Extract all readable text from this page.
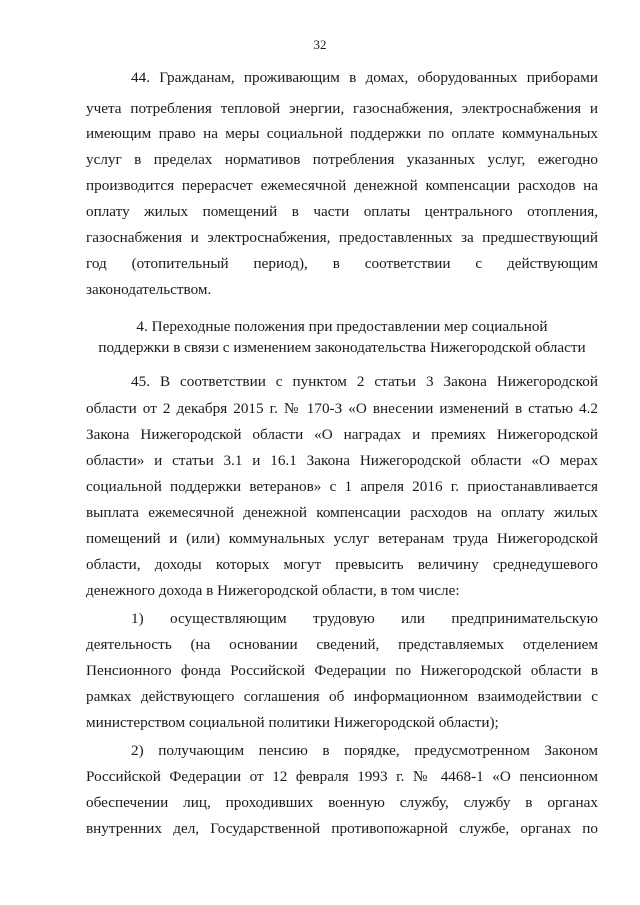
32
44. Гражданам, проживающим в домах, оборудованных приборами
учета потребления тепловой энергии, газоснабжения, электроснабжения и
имеющим право на меры социальной поддержки по оплате коммунальных
услуг в пределах нормативов потребления указанных услуг, ежегодно
производится перерасчет ежемесячной денежной компенсации расходов на
оплату жилых помещений в части оплаты центрального отопления,
газоснабжения и электроснабжения, предоставленных за предшествующий
год (отопительный период), в соответствии с действующим
законодательством.
4. Переходные положения при предоставлении мер социальной
поддержки в связи с изменением законодательства Нижегородской области
45. В соответствии с пунктом 2 статьи 3 Закона Нижегородской
области от 2 декабря 2015 г. № 170-З «О внесении изменений в статью 4.2
Закона Нижегородской области «О наградах и премиях Нижегородской
области» и статьи 3.1 и 16.1 Закона Нижегородской области «О мерах
социальной поддержки ветеранов» с 1 апреля 2016 г. приостанавливается
выплата ежемесячной денежной компенсации расходов на оплату жилых
помещений и (или) коммунальных услуг ветеранам труда Нижегородской
области, доходы которых могут превысить величину среднедушевого
денежного дохода в Нижегородской области, в том числе:
1) осуществляющим трудовую или предпринимательскую
деятельность (на основании сведений, представляемых отделением
Пенсионного фонда Российской Федерации по Нижегородской области в
рамках действующего соглашения об информационном взаимодействии с
министерством социальной политики Нижегородской области);
2) получающим пенсию в порядке, предусмотренном Законом
Российской Федерации от 12 февраля 1993 г. № 4468-1 «О пенсионном
обеспечении лиц, проходивших военную службу, службу в органах
внутренних дел, Государственной противопожарной службе, органах по
